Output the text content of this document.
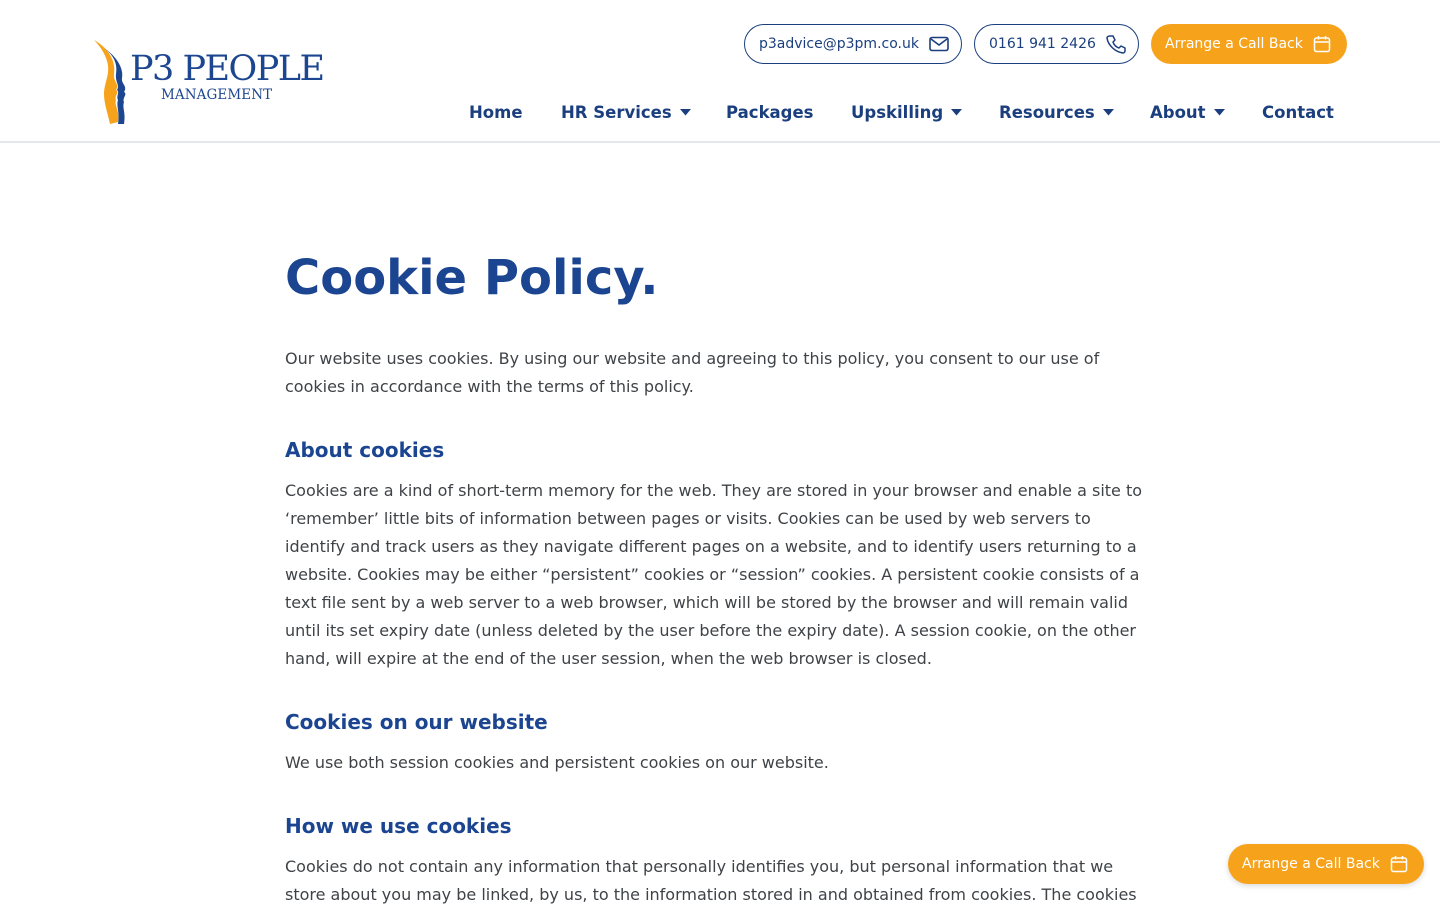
P3 PEOPLE
MANAGEMENT
p3advice@p3pm.co.uk	0161 941 2426	Arrange a Call Back
Home HR Services	Packages Upskilling	Resources	About	Contact
Cookie Policy.

Our website uses cookies. By using our website and agreeing to this policy, you consent to our use of cookies in accordance with the terms of this policy.

About cookies

Cookies are a kind of short-term memory for the web. They are stored in your browser and enable a site to ‘remember’ little bits of information between pages or visits. Cookies can be used by web servers to identify and track users as they navigate different pages on a website, and to identify users returning to a website. Cookies may be either “persistent” cookies or “session” cookies. A persistent cookie consists of a text file sent by a web server to a web browser, which will be stored by the browser and will remain valid until its set expiry date (unless deleted by the user before the expiry date). A session cookie, on the other hand, will expire at the end of the user session, when the web browser is closed.

Cookies on our website

We use both session cookies and persistent cookies on our website.

How we use cookies

Cookies do not contain any information that personally identifies you, but personal information that we store about you may be linked, by us, to the information stored in and obtained from cookies. The cookies

Arrange a Call Back
